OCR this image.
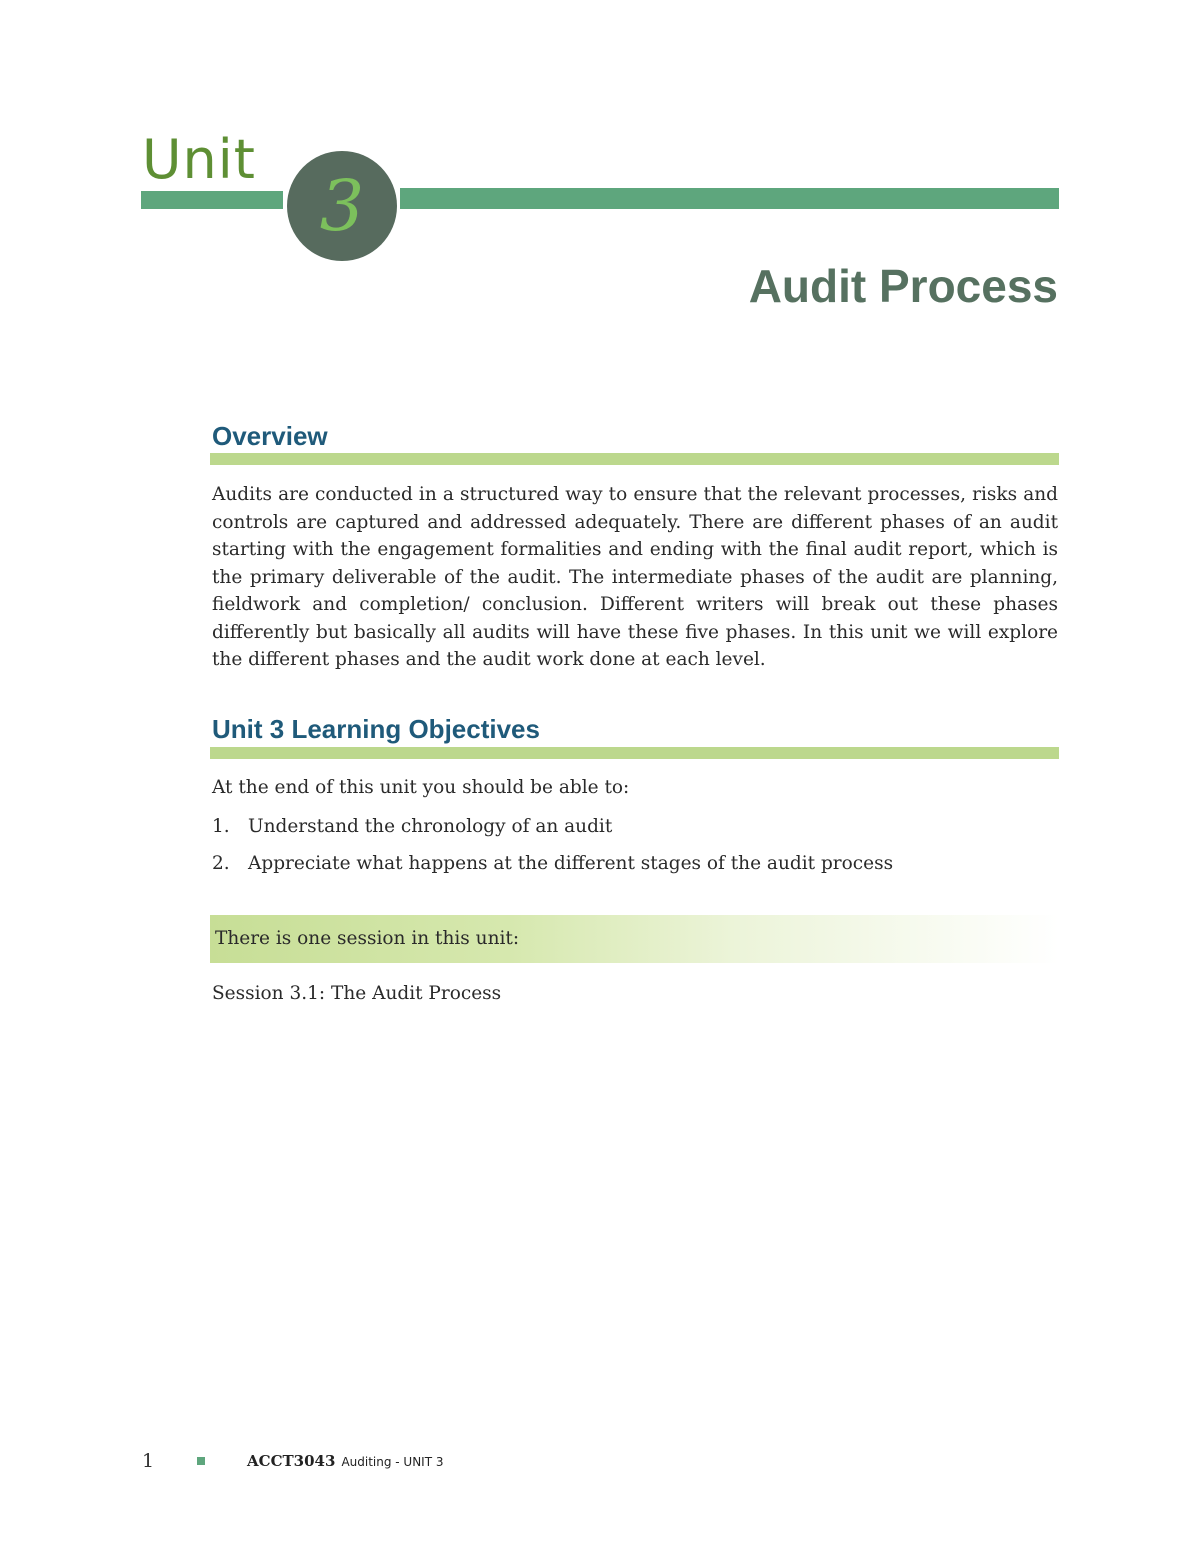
Unit
3
Audit Process
Overview

Audits are conducted in a structured way to ensure that the relevant processes, risks and controls are captured and addressed adequately. There are different phases of an audit starting with the engagement formalities and ending with the final audit report, which is the primary deliverable of the audit. The intermediate phases of the audit are planning, fieldwork and completion/ conclusion. Different writers will break out these phases differently but basically all audits will have these five phases. In this unit we will explore the different phases and the audit work done at each level.

Unit 3 Learning Objectives

At the end of this unit you should be able to:

1. Understand the chronology of an audit
2. Appreciate what happens at the different stages of the audit process
There is one session in this unit:

Session 3.1: The Audit Process

1	ACCT3043 Auditing - UNIT 3
